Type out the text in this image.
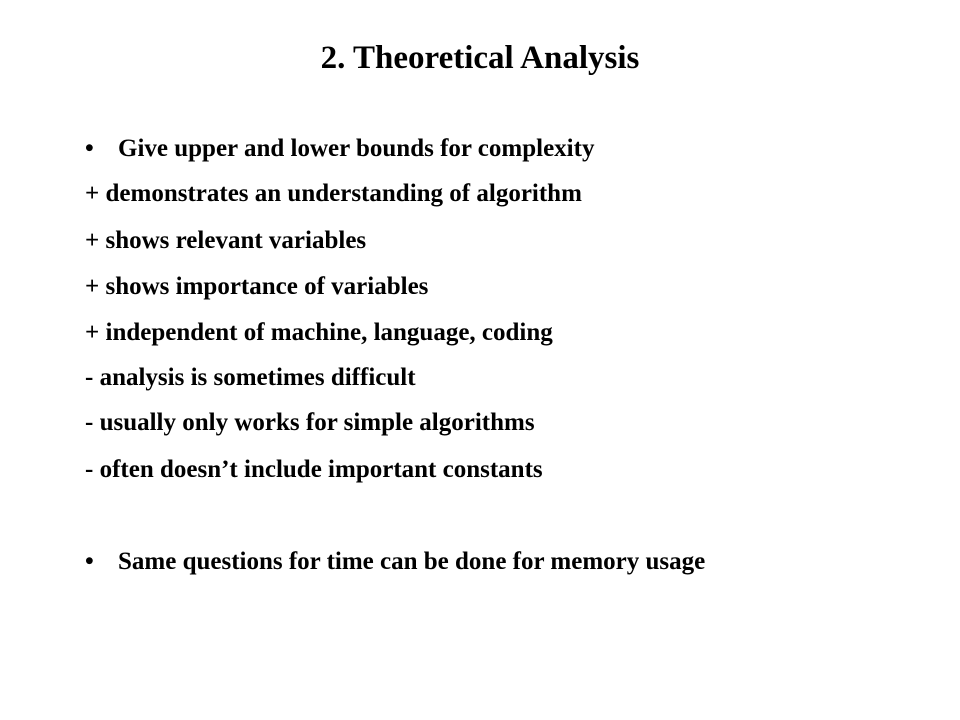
2. Theoretical Analysis
• Give upper and lower bounds for complexity
+ demonstrates an understanding of algorithm
+ shows relevant variables
+ shows importance of variables
+ independent of machine, language, coding
- analysis is sometimes difficult
- usually only works for simple algorithms
- often doesn’t include important constants
• Same questions for time can be done for memory usage
